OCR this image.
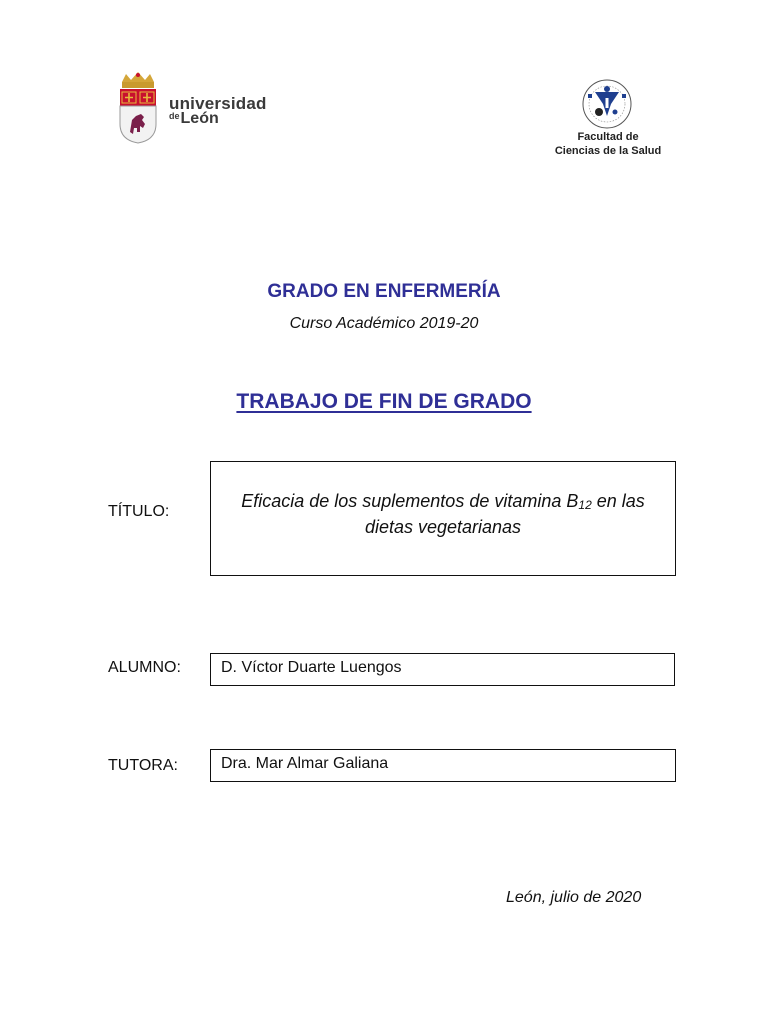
universidad
$^{de}$León
Facultad de
Ciencias de la Salud
GRADO EN ENFERMERÍA
Curso Académico 2019-20
TRABAJO DE FIN DE GRADO
TÍTULO:
Eficacia de los suplementos de vitamina $B_{12}$ en las dietas vegetarianas
ALUMNO:	D. Víctor Duarte Luengos
TUTORA:	Dra. Mar Almar Galiana
León, julio de 2020
